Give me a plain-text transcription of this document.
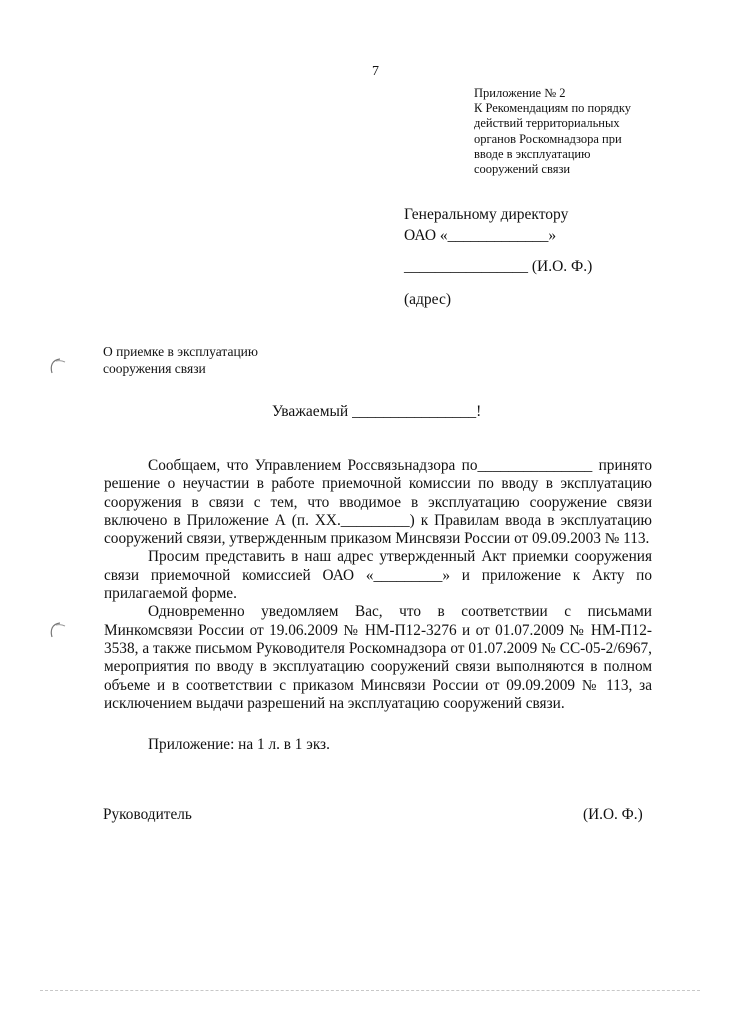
7
Приложение № 2
К Рекомендациям по порядку
действий территориальных
органов Роскомнадзора при
вводе в эксплуатацию
сооружений связи
Генеральному директору
ОАО «_____________»
________________ (И.О. Ф.)
(адрес)
О приемке в эксплуатацию
сооружения связи
Уважаемый ________________!

Сообщаем, что Управлением Россвязьнадзора по_______________ принято решение о неучастии в работе приемочной комиссии по вводу в эксплуатацию сооружения в связи с тем, что вводимое в эксплуатацию сооружение связи включено в Приложение А (п. XX._________) к Правилам ввода в эксплуатацию сооружений связи, утвержденным приказом Минсвязи России от 09.09.2003 № 113.

Просим представить в наш адрес утвержденный Акт приемки сооружения связи приемочной комиссией ОАО «_________» и приложение к Акту по прилагаемой форме.

Одновременно уведомляем Вас, что в соответствии с письмами Минкомсвязи России от 19.06.2009 № НМ-П12-3276 и от 01.07.2009 № НМ-П12-3538, а также письмом Руководителя Роскомнадзора от 01.07.2009 № СС-05-2/6967, мероприятия по вводу в эксплуатацию сооружений связи выполняются в полном объеме и в соответствии с приказом Минсвязи России от 09.09.2009 № 113, за исключением выдачи разрешений на эксплуатацию сооружений связи.

Приложение: на 1 л. в 1 экз.
Руководитель	(И.О. Ф.)
